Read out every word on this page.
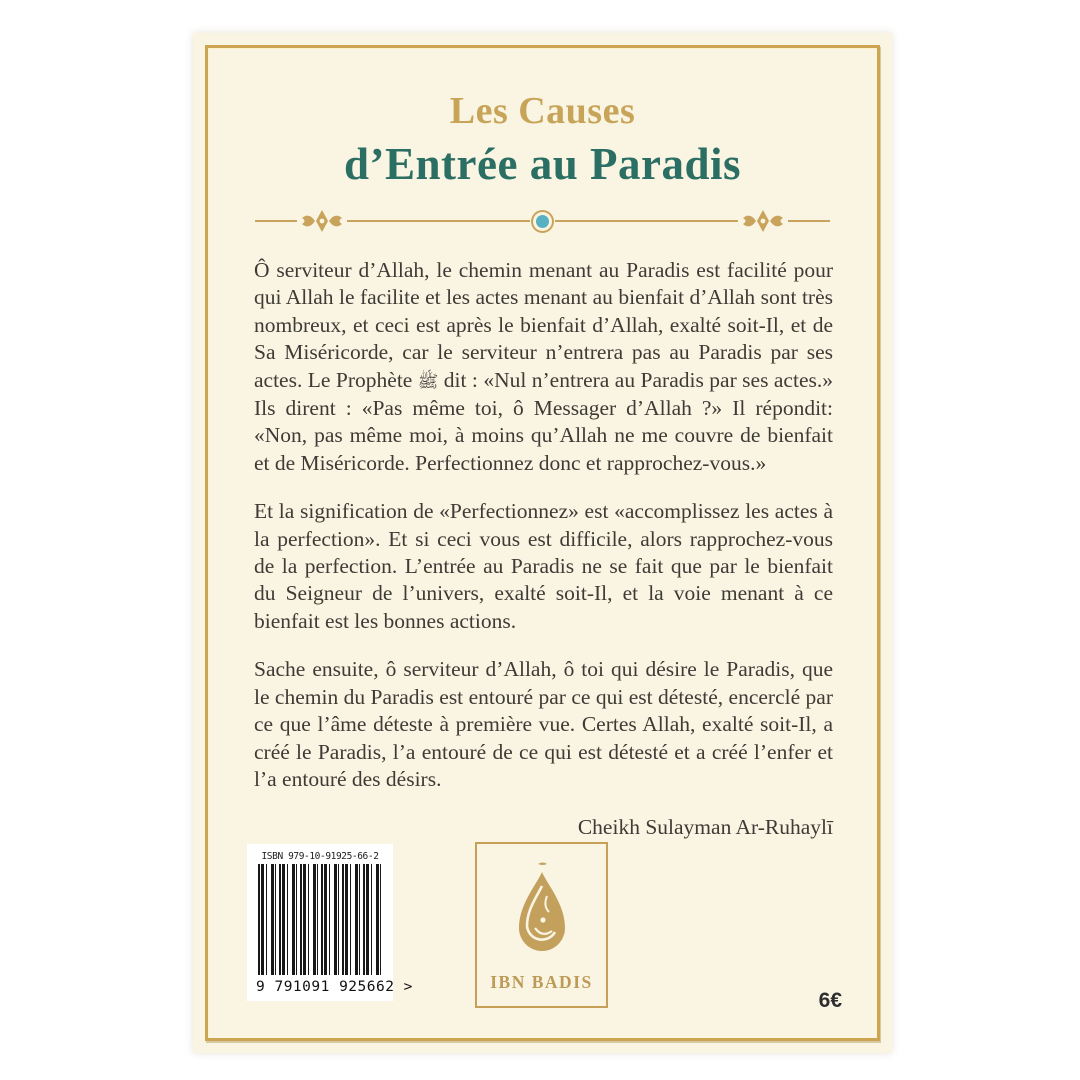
Les Causes
d’Entrée au Paradis

Ô serviteur d’Allah, le chemin menant au Paradis est facilité pour qui Allah le facilite et les actes menant au bienfait d’Allah sont très nombreux, et ceci est après le bienfait d’Allah, exalté soit-Il, et de Sa Miséricorde, car le serviteur n’entrera pas au Paradis par ses actes. Le Prophète ﷺ dit : «Nul n’entrera au Paradis par ses actes.» Ils dirent : «Pas même toi, ô Messager d’Allah ?» Il répondit: «Non, pas même moi, à moins qu’Allah ne me couvre de bienfait et de Miséricorde. Perfectionnez donc et rapprochez-vous.»

Et la signification de «Perfectionnez» est «accomplissez les actes à la perfection». Et si ceci vous est difficile, alors rapprochez-vous de la perfection. L’entrée au Paradis ne se fait que par le bienfait du Seigneur de l’univers, exalté soit-Il, et la voie menant à ce bienfait est les bonnes actions.

Sache ensuite, ô serviteur d’Allah, ô toi qui désire le Paradis, que le chemin du Paradis est entouré par ce qui est détesté, encerclé par ce que l’âme déteste à première vue. Certes Allah, exalté soit-Il, a créé le Paradis, l’a entouré de ce qui est détesté et a créé l’enfer et l’a entouré des désirs.

Cheikh Sulayman Ar-Ruhaylī

ISBN 979-10-91925-66-2
9 791091 925662 >	IBN BADIS
6€
